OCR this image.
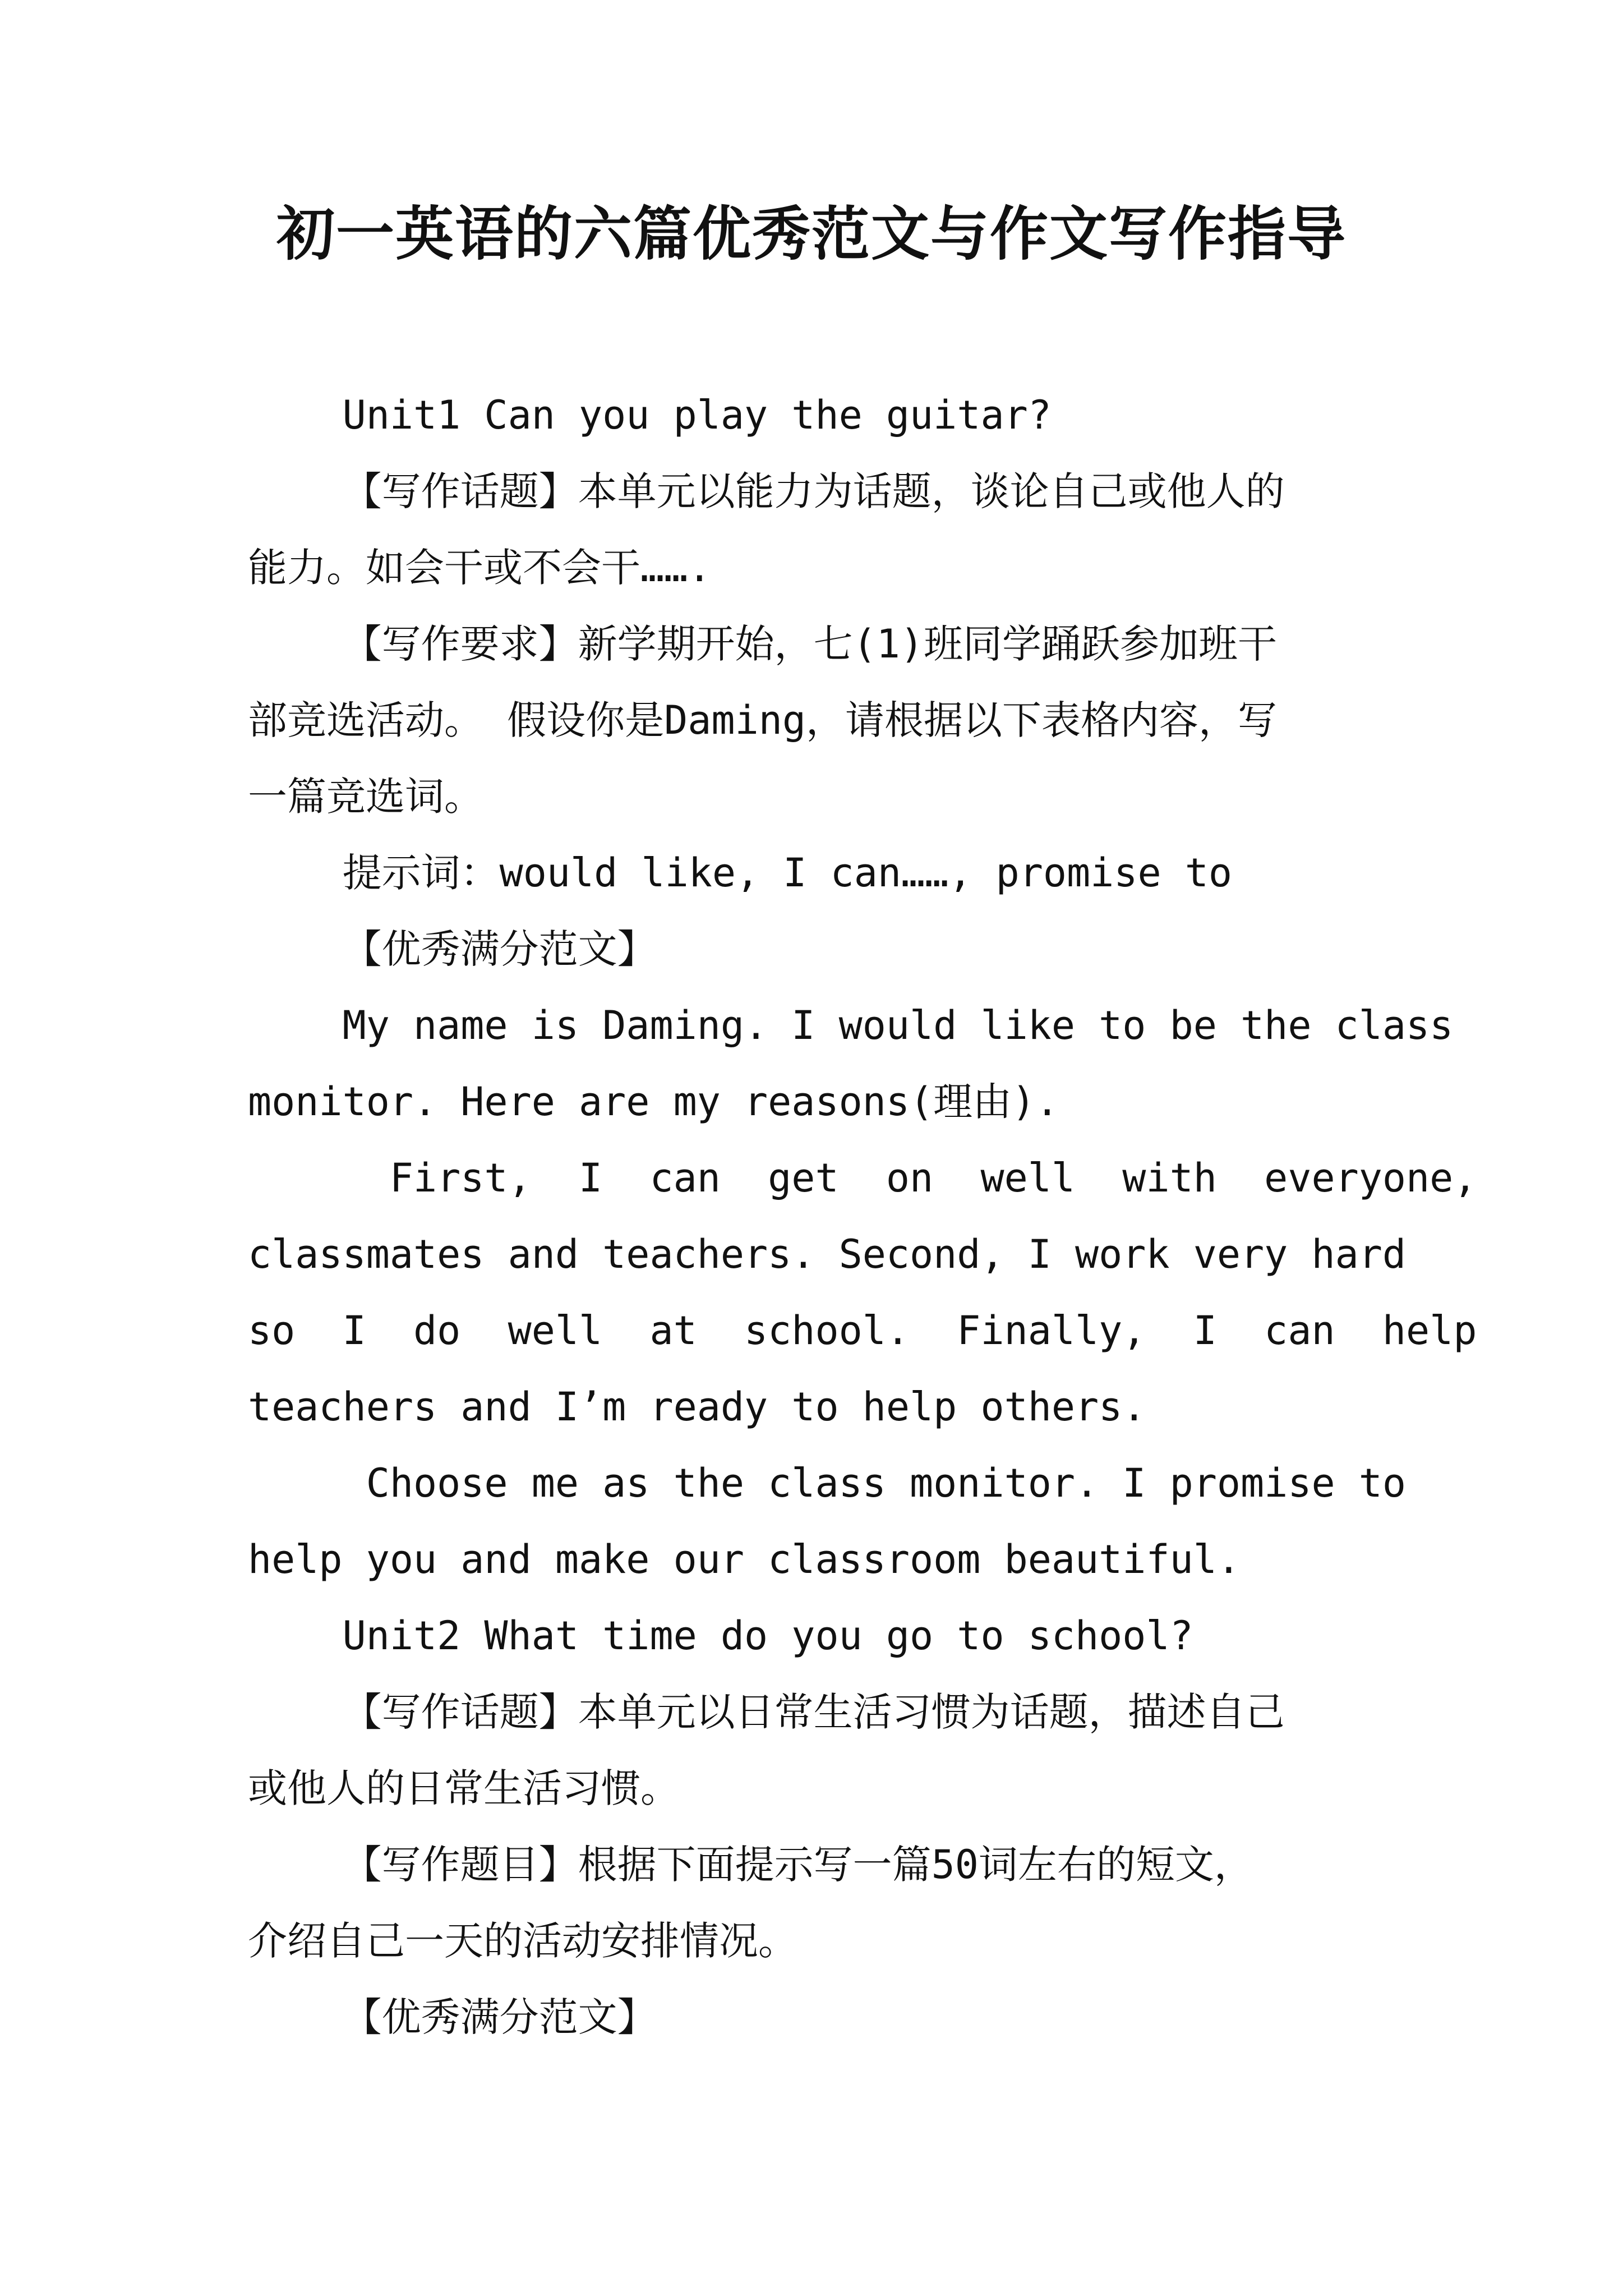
初一英语的六篇优秀范文与作文写作指导

Unit1 Can you play the guitar?

【写作话题】本单元以能力为话题，谈论自己或他人的

能力。如会干或不会干…….

【写作要求】新学期开始，七(1)班同学踊跃参加班干

部竞选活动。 假设你是Daming，请根据以下表格内容，写

一篇竞选词。

提示词：would like, I can……, promise to

【优秀满分范文】

My name is Daming. I would like to be the class

monitor. Here are my reasons(理由).

First,  I  can  get  on  well  with  everyone,

classmates and teachers. Second, I work very hard

so  I  do  well  at  school.  Finally,  I  can  help

teachers and I’m ready to help others.

Choose me as the class monitor. I promise to

help you and make our classroom beautiful.

Unit2 What time do you go to school?

【写作话题】本单元以日常生活习惯为话题，描述自己

或他人的日常生活习惯。

【写作题目】根据下面提示写一篇50词左右的短文，

介绍自己一天的活动安排情况。

【优秀满分范文】
